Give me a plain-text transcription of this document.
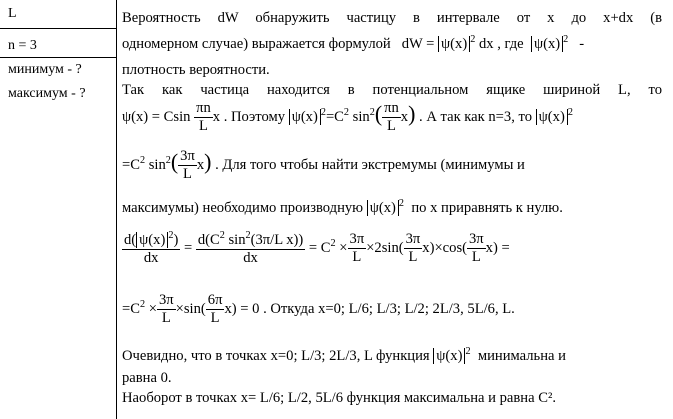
L
n = 3
минимум - ?
максимум - ?
Вероятность dW обнаружить частицу в интервале от x до x+dx (в
одномерном случае) выражается формулой dW = ψ(x) $^2$ dx , где ψ(x) $^2$ -
плотность вероятности.
Так как частица находится в потенциальном ящике шириной L, то
ψ(x) = Csin $\frac{\pi n}{L}$ x . Поэтому ψ(x) $^2=C^2$ $\sin^2( \frac{\pi n}{L} x)$ . А так как n=3, то ψ(x) $^2$
$=C^2$ $\sin^2( \frac{3\pi}{L} x)$ . Для того чтобы найти экстремумы (минимумы и
максимумы) необходимо производную ψ(x) $^2$ по x приравнять к нулю.
$\frac{d( \psi(x) ^2)}{dx} = \frac{d(C^2 \sin^2(3\pi/L x))}{dx} = C^2 \times \frac{3\pi}{L} \times 2\sin( \frac{3\pi}{L} x)\times\cos( \frac{3\pi}{L} x)$ =
$=C^2 \times \frac{3\pi}{L} \times\sin( \frac{6\pi}{L} x) = 0$ . Откуда x=0; L/6; L/3; L/2; 2L/3, 5L/6, L.
Очевидно, что в точках x=0; L/3; 2L/3, L функция ψ(x) $^2$ минимальна и
равна 0.
Наоборот в точках x= L/6; L/2, 5L/6 функция максимальна и равна C².
